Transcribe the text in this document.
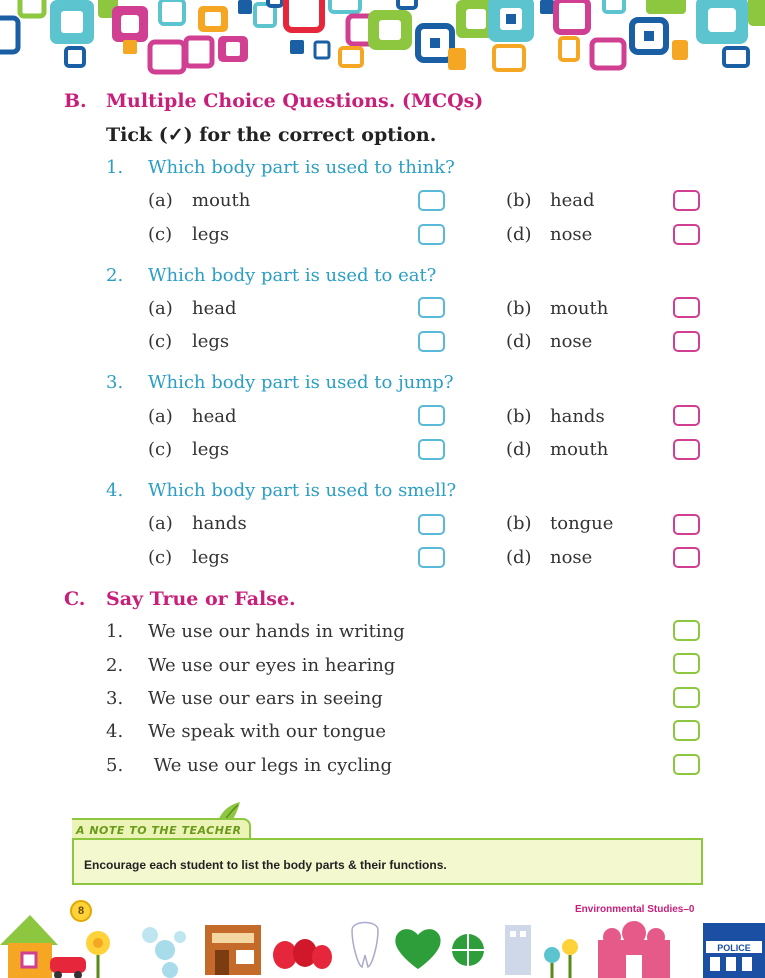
B. Multiple Choice Questions. (MCQs)
Tick (✓) for the correct option.
1. Which body part is used to think?
(a) mouth	(b) head
(c) legs	(d) nose
2. Which body part is used to eat?
(a) head	(b) mouth
(c) legs	(d) nose
3. Which body part is used to jump?
(a) head	(b) hands
(c) legs	(d) mouth
4. Which body part is used to smell?
(a) hands	(b) tongue
(c) legs	(d) nose
C. Say True or False.
1. We use our hands in writing
2. We use our eyes in hearing
3. We use our ears in seeing
4. We speak with our tongue
5. We use our legs in cycling
A NOTE TO THE TEACHER
Encourage each student to list the body parts & their functions.
8	Environmental Studies–0
POLICE
